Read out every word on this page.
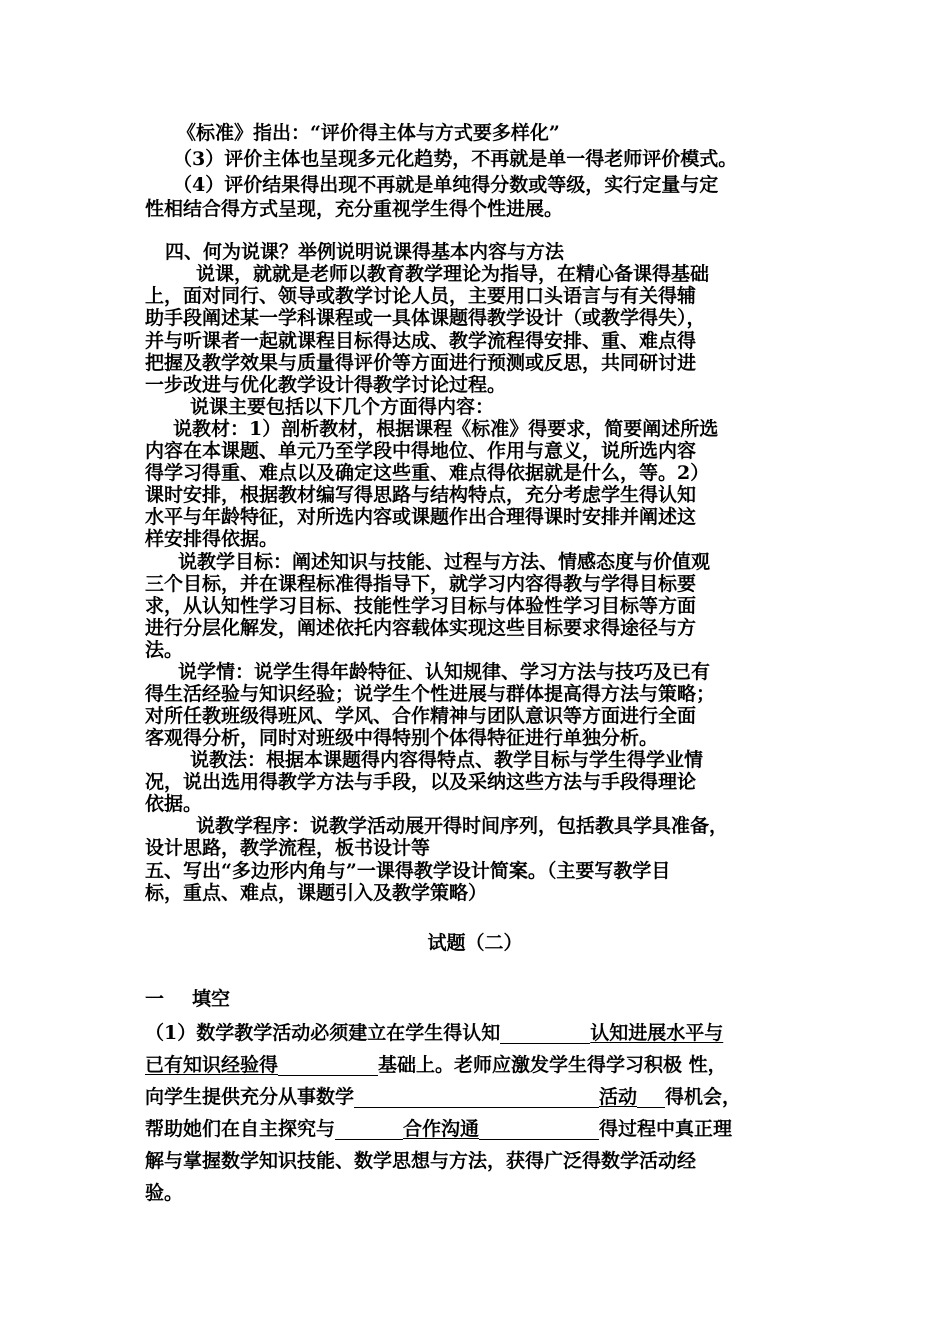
《标准》指出：“评价得主体与方式要多样化”
（3）评价主体也呈现多元化趋势，不再就是单一得老师评价模式。
（4）评价结果得出现不再就是单纯得分数或等级，实行定量与定
性相结合得方式呈现，充分重视学生得个性进展。
四、何为说课？举例说明说课得基本内容与方法
说课，就就是老师以教育教学理论为指导，在精心备课得基础
上，面对同行、领导或教学讨论人员，主要用口头语言与有关得辅
助手段阐述某一学科课程或一具体课题得教学设计（或教学得失），
并与听课者一起就课程目标得达成、教学流程得安排、重、难点得
把握及教学效果与质量得评价等方面进行预测或反思，共同研讨进
一步改进与优化教学设计得教学讨论过程。
说课主要包括以下几个方面得内容：
说教材：1）剖析教材，根据课程《标准》得要求，简要阐述所选
内容在本课题、单元乃至学段中得地位、作用与意义，说所选内容
得学习得重、难点以及确定这些重、难点得依据就是什么，等。2）
课时安排，根据教材编写得思路与结构特点，充分考虑学生得认知
水平与年龄特征，对所选内容或课题作出合理得课时安排并阐述这
样安排得依据。
说教学目标：阐述知识与技能、过程与方法、情感态度与价值观
三个目标，并在课程标准得指导下，就学习内容得教与学得目标要
求，从认知性学习目标、技能性学习目标与体验性学习目标等方面
进行分层化解发，阐述依托内容载体实现这些目标要求得途径与方
法。
说学情：说学生得年龄特征、认知规律、学习方法与技巧及已有
得生活经验与知识经验；说学生个性进展与群体提高得方法与策略；
对所任教班级得班风、学风、合作精神与团队意识等方面进行全面
客观得分析，同时对班级中得特别个体得特征进行单独分析。
说教法：根据本课题得内容得特点、教学目标与学生得学业情
况，说出选用得教学方法与手段，以及采纳这些方法与手段得理论
依据。
说教学程序：说教学活动展开得时间序列，包括教具学具准备，
设计思路，教学流程，板书设计等
五、写出“多边形内角与”一课得教学设计简案。（主要写教学目
标，重点、难点，课题引入及教学策略）
试题（二）
一 填空
（1）数学教学活动必须建立在学生得认知	认知进展水平与
已有知识经验得	基础上。老师应激发学生得学习积极 性，
向学生提供充分从事数学	活动 得机会，
帮助她们在自主探究与	合作沟通	得过程中真正理
解与掌握数学知识技能、数学思想与方法，获得广泛得数学活动经
验。
